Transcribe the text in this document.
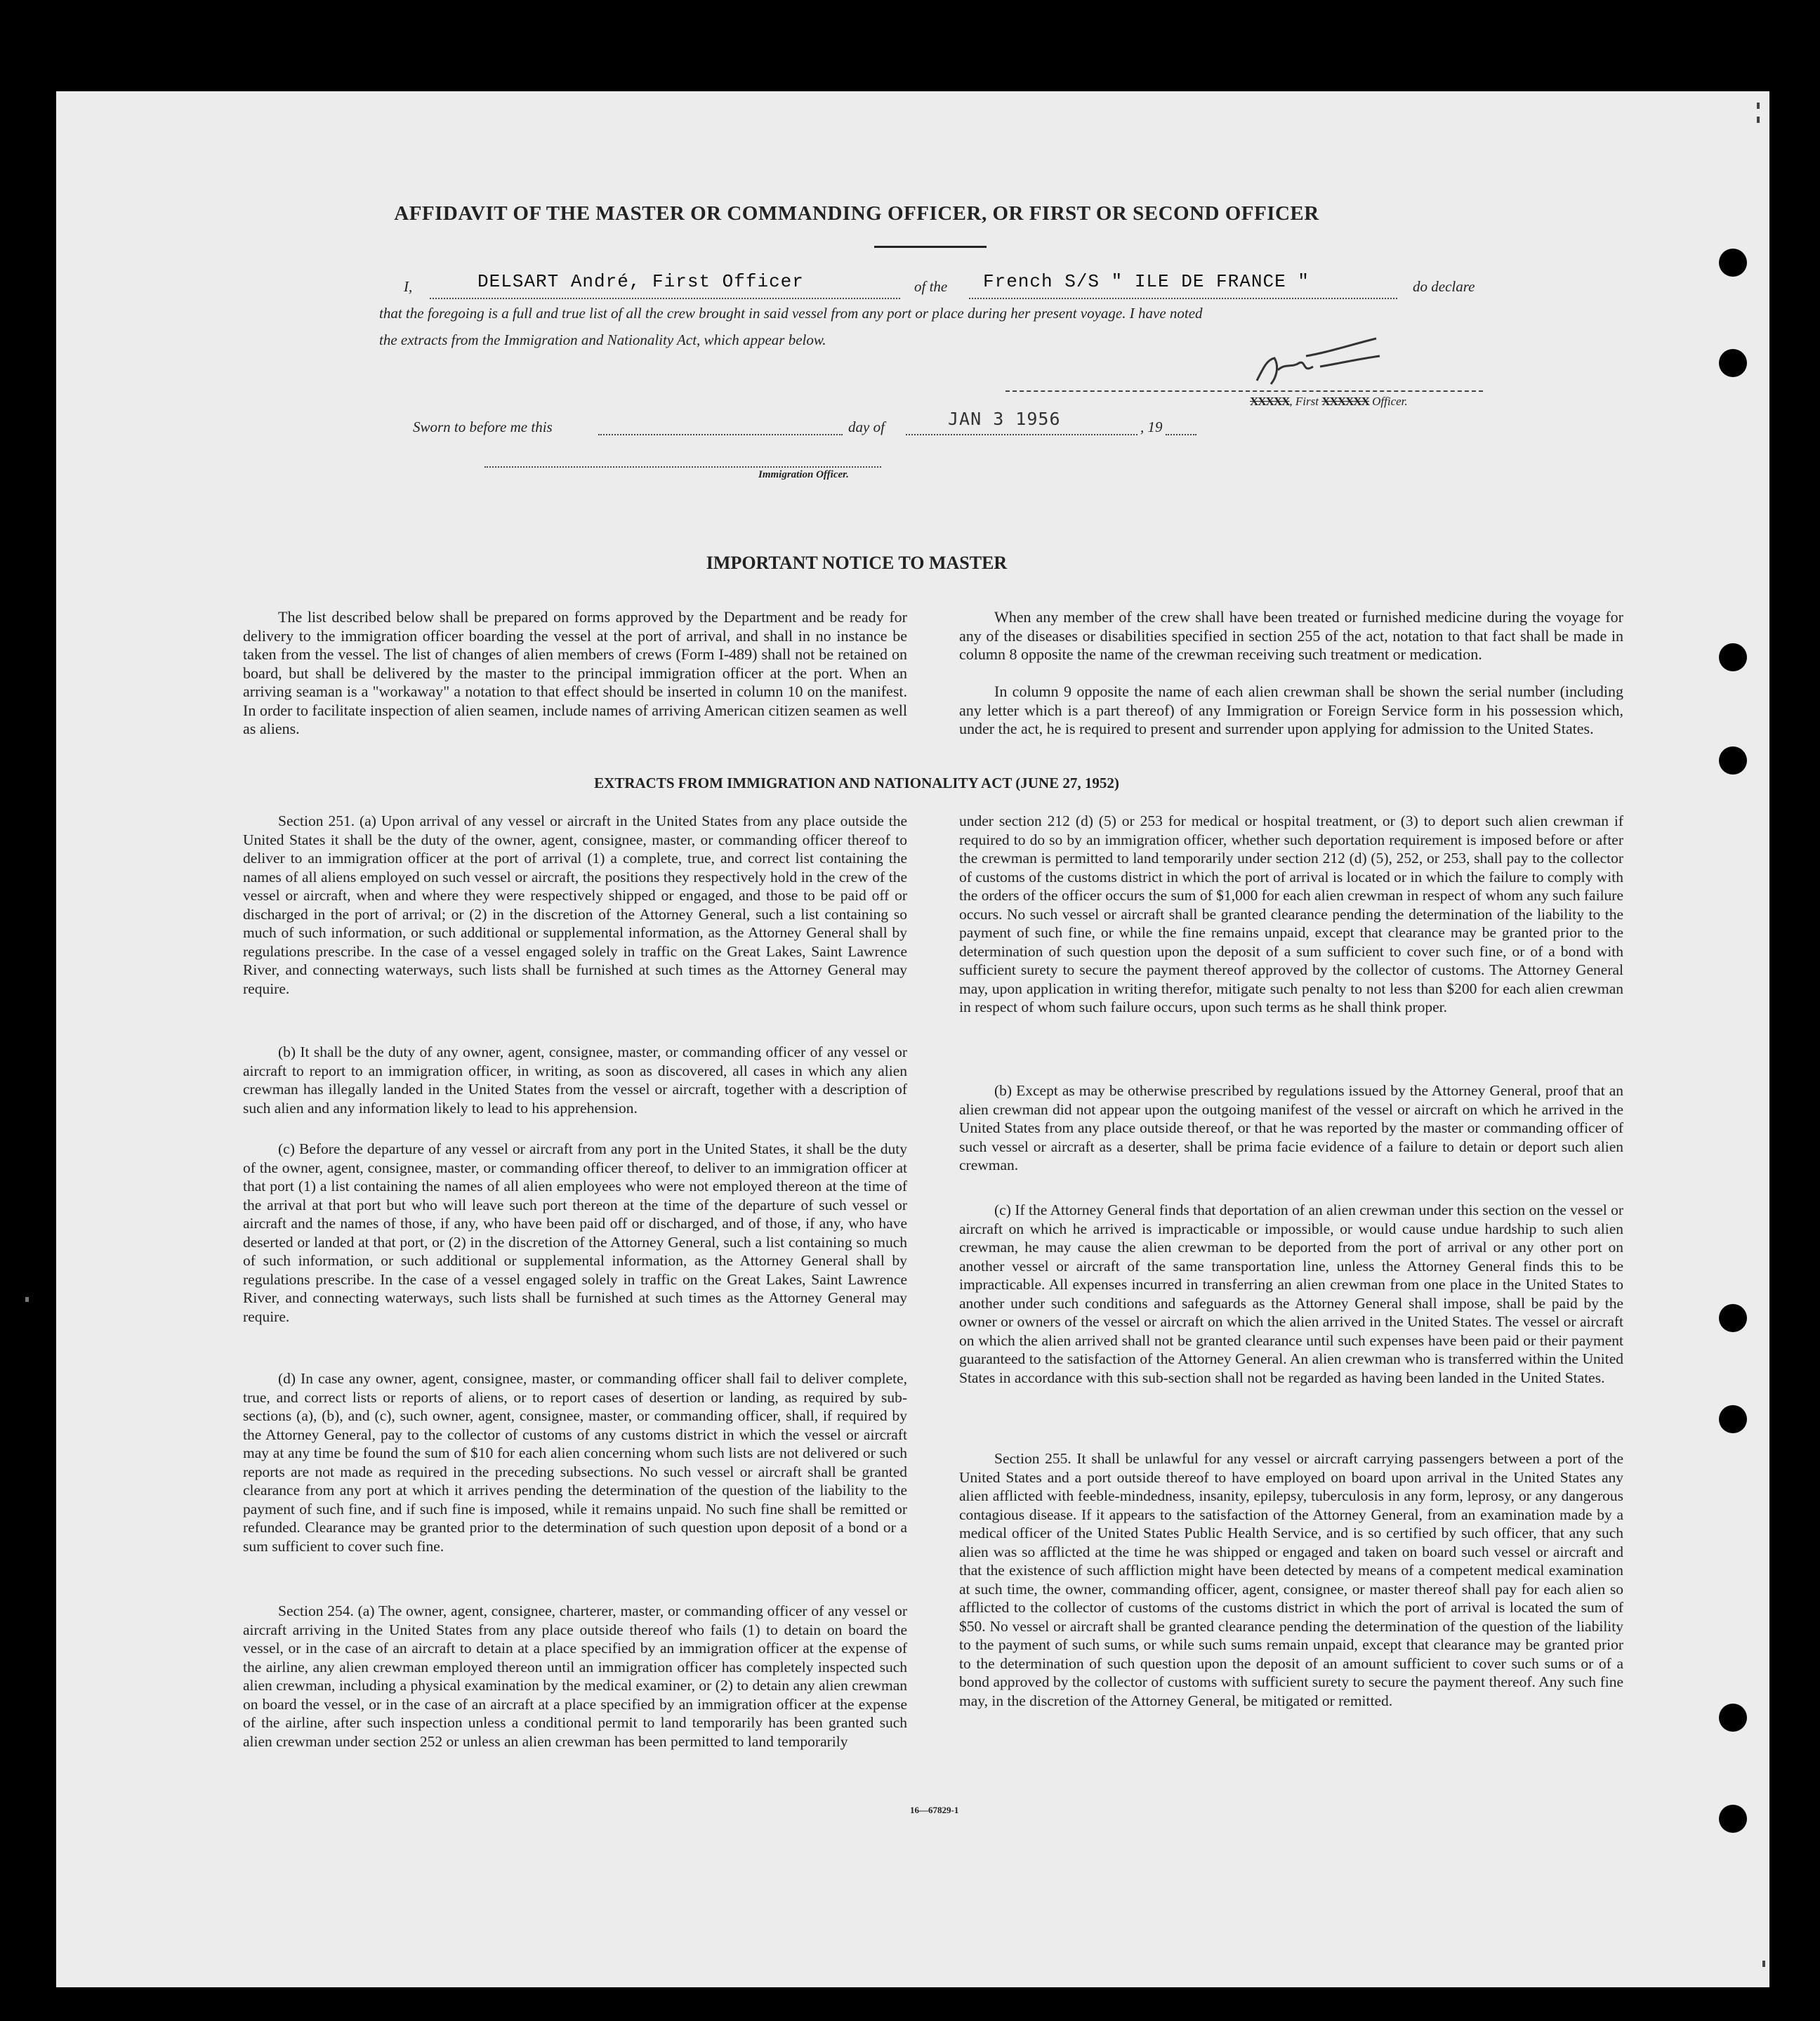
AFFIDAVIT OF THE MASTER OR COMMANDING OFFICER, OR FIRST OR SECOND OFFICER
I,	DELSART André, First Officer	of the French S/S " ILE DE FRANCE "	do declare
that the foregoing is a full and true list of all the crew brought in said vessel from any port or place during her present voyage. I have noted
the extracts from the Immigration and Nationality Act, which appear below.
XXXXX, First XXXXXX Officer.
Sworn to before me this	day of	JAN 3 1956	, 19
Immigration Officer.
IMPORTANT NOTICE TO MASTER
The list described below shall be prepared on forms approved by the Department and be ready for delivery to the immigration officer boarding the vessel at the port of arrival, and shall in no instance be taken from the vessel. The list of changes of alien members of crews (Form I-489) shall not be retained on board, but shall be delivered by the master to the principal immigration officer at the port. When an arriving seaman is a "workaway" a notation to that effect should be inserted in column 10 on the manifest. In order to facilitate inspection of alien seamen, include names of arriving American citizen seamen as well as aliens.
When any member of the crew shall have been treated or furnished medicine during the voyage for any of the diseases or disabilities specified in section 255 of the act, notation to that fact shall be made in column 8 opposite the name of the crewman receiving such treatment or medication.
In column 9 opposite the name of each alien crewman shall be shown the serial number (including any letter which is a part thereof) of any Immigration or Foreign Service form in his possession which, under the act, he is required to present and surrender upon applying for admission to the United States.
EXTRACTS FROM IMMIGRATION AND NATIONALITY ACT (JUNE 27, 1952)
Section 251. (a) Upon arrival of any vessel or aircraft in the United States from any place outside the United States it shall be the duty of the owner, agent, consignee, master, or commanding officer thereof to deliver to an immigration officer at the port of arrival (1) a complete, true, and correct list containing the names of all aliens employed on such vessel or aircraft, the positions they respectively hold in the crew of the vessel or aircraft, when and where they were respectively shipped or engaged, and those to be paid off or discharged in the port of arrival; or (2) in the discretion of the Attorney General, such a list containing so much of such information, or such additional or supplemental information, as the Attorney General shall by regulations prescribe. In the case of a vessel engaged solely in traffic on the Great Lakes, Saint Lawrence River, and connecting waterways, such lists shall be furnished at such times as the Attorney General may require.
(b) It shall be the duty of any owner, agent, consignee, master, or commanding officer of any vessel or aircraft to report to an immigration officer, in writing, as soon as discovered, all cases in which any alien crewman has illegally landed in the United States from the vessel or aircraft, together with a description of such alien and any information likely to lead to his apprehension.
(c) Before the departure of any vessel or aircraft from any port in the United States, it shall be the duty of the owner, agent, consignee, master, or commanding officer thereof, to deliver to an immigration officer at that port (1) a list containing the names of all alien employees who were not employed thereon at the time of the arrival at that port but who will leave such port thereon at the time of the departure of such vessel or aircraft and the names of those, if any, who have been paid off or discharged, and of those, if any, who have deserted or landed at that port, or (2) in the discretion of the Attorney General, such a list containing so much of such information, or such additional or supplemental information, as the Attorney General shall by regulations prescribe. In the case of a vessel engaged solely in traffic on the Great Lakes, Saint Lawrence River, and connecting waterways, such lists shall be furnished at such times as the Attorney General may require.
(d) In case any owner, agent, consignee, master, or commanding officer shall fail to deliver complete, true, and correct lists or reports of aliens, or to report cases of desertion or landing, as required by sub-sections (a), (b), and (c), such owner, agent, consignee, master, or commanding officer, shall, if required by the Attorney General, pay to the collector of customs of any customs district in which the vessel or aircraft may at any time be found the sum of $10 for each alien concerning whom such lists are not delivered or such reports are not made as required in the preceding subsections. No such vessel or aircraft shall be granted clearance from any port at which it arrives pending the determination of the question of the liability to the payment of such fine, and if such fine is imposed, while it remains unpaid. No such fine shall be remitted or refunded. Clearance may be granted prior to the determination of such question upon deposit of a bond or a sum sufficient to cover such fine.
Section 254. (a) The owner, agent, consignee, charterer, master, or commanding officer of any vessel or aircraft arriving in the United States from any place outside thereof who fails (1) to detain on board the vessel, or in the case of an aircraft to detain at a place specified by an immigration officer at the expense of the airline, any alien crewman employed thereon until an immigration officer has completely inspected such alien crewman, including a physical examination by the medical examiner, or (2) to detain any alien crewman on board the vessel, or in the case of an aircraft at a place specified by an immigration officer at the expense of the airline, after such inspection unless a conditional permit to land temporarily has been granted such alien crewman under section 252 or unless an alien crewman has been permitted to land temporarily
under section 212 (d) (5) or 253 for medical or hospital treatment, or (3) to deport such alien crewman if required to do so by an immigration officer, whether such deportation requirement is imposed before or after the crewman is permitted to land temporarily under section 212 (d) (5), 252, or 253, shall pay to the collector of customs of the customs district in which the port of arrival is located or in which the failure to comply with the orders of the officer occurs the sum of $1,000 for each alien crewman in respect of whom any such failure occurs. No such vessel or aircraft shall be granted clearance pending the determination of the liability to the payment of such fine, or while the fine remains unpaid, except that clearance may be granted prior to the determination of such question upon the deposit of a sum sufficient to cover such fine, or of a bond with sufficient surety to secure the payment thereof approved by the collector of customs. The Attorney General may, upon application in writing therefor, mitigate such penalty to not less than $200 for each alien crewman in respect of whom such failure occurs, upon such terms as he shall think proper.
(b) Except as may be otherwise prescribed by regulations issued by the Attorney General, proof that an alien crewman did not appear upon the outgoing manifest of the vessel or aircraft on which he arrived in the United States from any place outside thereof, or that he was reported by the master or commanding officer of such vessel or aircraft as a deserter, shall be prima facie evidence of a failure to detain or deport such alien crewman.
(c) If the Attorney General finds that deportation of an alien crewman under this section on the vessel or aircraft on which he arrived is impracticable or impossible, or would cause undue hardship to such alien crewman, he may cause the alien crewman to be deported from the port of arrival or any other port on another vessel or aircraft of the same transportation line, unless the Attorney General finds this to be impracticable. All expenses incurred in transferring an alien crewman from one place in the United States to another under such conditions and safeguards as the Attorney General shall impose, shall be paid by the owner or owners of the vessel or aircraft on which the alien arrived in the United States. The vessel or aircraft on which the alien arrived shall not be granted clearance until such expenses have been paid or their payment guaranteed to the satisfaction of the Attorney General. An alien crewman who is transferred within the United States in accordance with this sub-section shall not be regarded as having been landed in the United States.
Section 255. It shall be unlawful for any vessel or aircraft carrying passengers between a port of the United States and a port outside thereof to have employed on board upon arrival in the United States any alien afflicted with feeble-mindedness, insanity, epilepsy, tuberculosis in any form, leprosy, or any dangerous contagious disease. If it appears to the satisfaction of the Attorney General, from an examination made by a medical officer of the United States Public Health Service, and is so certified by such officer, that any such alien was so afflicted at the time he was shipped or engaged and taken on board such vessel or aircraft and that the existence of such affliction might have been detected by means of a competent medical examination at such time, the owner, commanding officer, agent, consignee, or master thereof shall pay for each alien so afflicted to the collector of customs of the customs district in which the port of arrival is located the sum of $50. No vessel or aircraft shall be granted clearance pending the determination of the question of the liability to the payment of such sums, or while such sums remain unpaid, except that clearance may be granted prior to the determination of such question upon the deposit of an amount sufficient to cover such sums or of a bond approved by the collector of customs with sufficient surety to secure the payment thereof. Any such fine may, in the discretion of the Attorney General, be mitigated or remitted.
16—67829-1
